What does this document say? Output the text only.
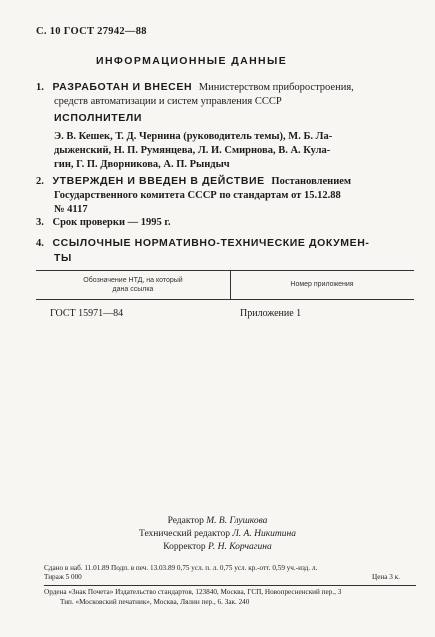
С. 10 ГОСТ 27942—88
ИНФОРМАЦИОННЫЕ ДАННЫЕ
1. РАЗРАБОТАН И ВНЕСЕН Министерством приборостроения,
средств автоматизации и систем управления СССР
ИСПОЛНИТЕЛИ
Э. В. Кешек, Т. Д. Чернина (руководитель темы), М. Б. Ла-
дыженский, Н. П. Румянцева, Л. И. Смирнова, В. А. Кула-
гин, Г. П. Дворникова, А. П. Рындыч
2. УТВЕРЖДЕН И ВВЕДЕН В ДЕЙСТВИЕ Постановлением
Государственного комитета СССР по стандартам от 15.12.88
№ 4117
3. Срок проверки — 1995 г.
4. ССЫЛОЧНЫЕ НОРМАТИВНО-ТЕХНИЧЕСКИЕ ДОКУМЕН-
ТЫ
Обозначение НТД, на который
дана ссылка
Номер приложения
ГОСТ 15971—84	Приложение 1
Редактор М. В. Глушкова
Технический редактор Л. А. Никитина
Корректор Р. Н. Корчагина
Сдано в наб. 11.01.89 Подп. в печ. 13.03.89 0,75 усл. п. л. 0,75 усл. кр.-отт. 0,59 уч.-изд. л.
Тираж 5 000	Цена 3 к.
Ордена «Знак Почета» Издательство стандартов, 123840, Москва, ГСП, Новопресненский пер., 3
Тип. «Московский печатник», Москва, Лялин пер., 6. Зак. 240
